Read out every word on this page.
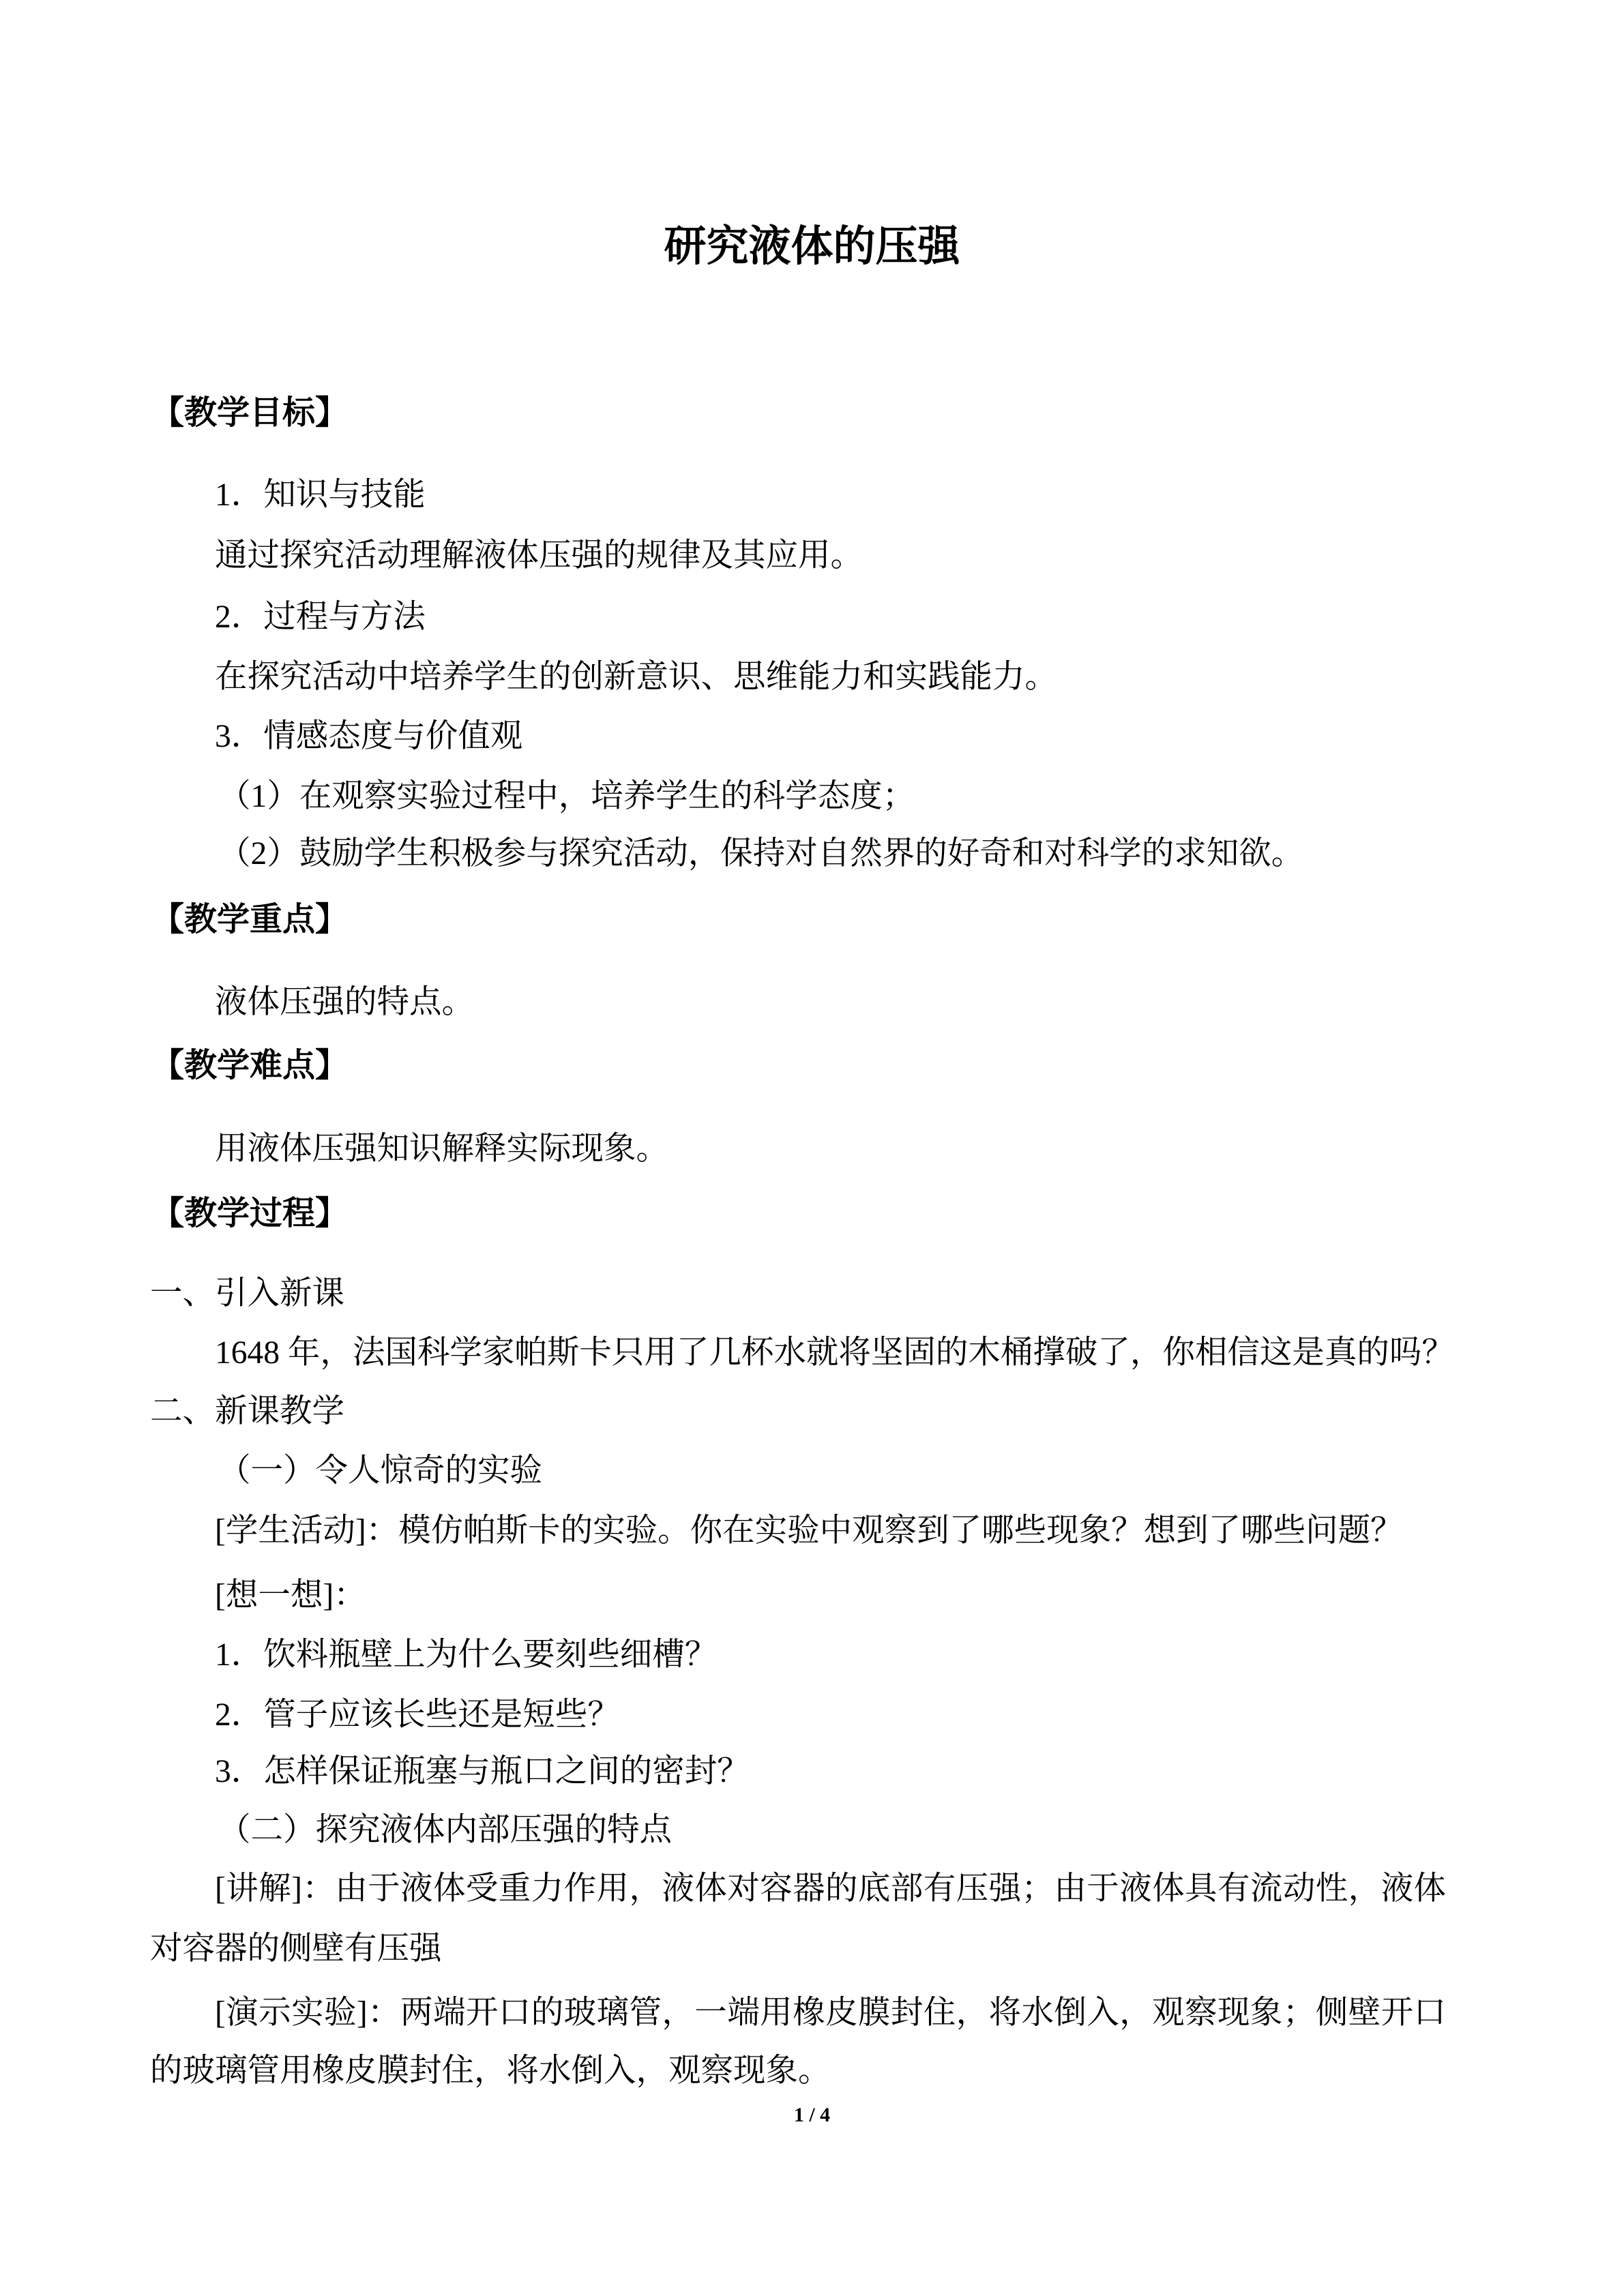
研究液体的压强
【教学目标】
1．知识与技能
通过探究活动理解液体压强的规律及其应用。
2．过程与方法
在探究活动中培养学生的创新意识、思维能力和实践能力。
3．情感态度与价值观
（1）在观察实验过程中，培养学生的科学态度；
（2）鼓励学生积极参与探究活动，保持对自然界的好奇和对科学的求知欲。
【教学重点】
液体压强的特点。
【教学难点】
用液体压强知识解释实际现象。
【教学过程】
一、引入新课
1648 年，法国科学家帕斯卡只用了几杯水就将坚固的木桶撑破了，你相信这是真的吗？
二、新课教学
（一）令人惊奇的实验
[学生活动]：模仿帕斯卡的实验。你在实验中观察到了哪些现象？想到了哪些问题？
[想一想]：
1．饮料瓶壁上为什么要刻些细槽？
2．管子应该长些还是短些？
3．怎样保证瓶塞与瓶口之间的密封？
（二）探究液体内部压强的特点
[讲解]：由于液体受重力作用，液体对容器的底部有压强；由于液体具有流动性，液体
对容器的侧壁有压强
[演示实验]：两端开口的玻璃管，一端用橡皮膜封住，将水倒入，观察现象；侧壁开口
的玻璃管用橡皮膜封住，将水倒入，观察现象。
1 / 4
